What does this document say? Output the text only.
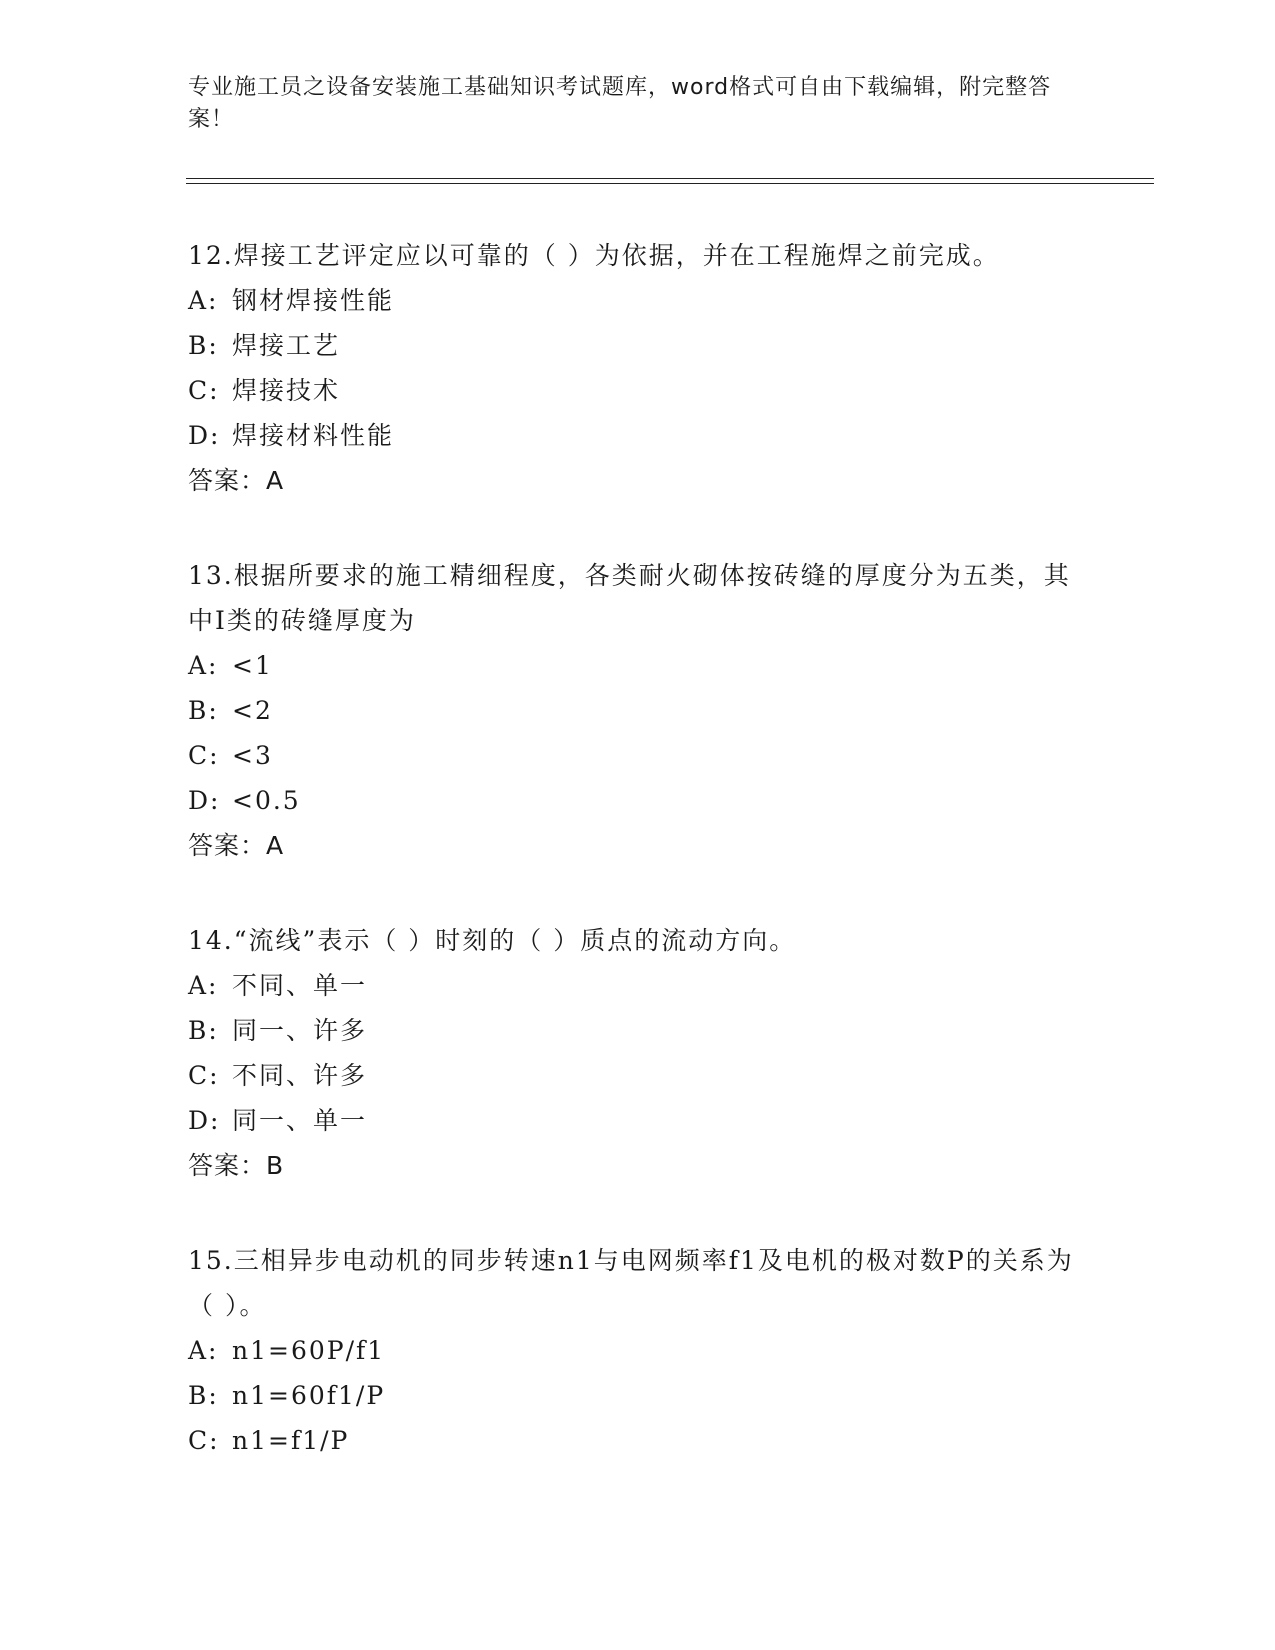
专业施工员之设备安装施工基础知识考试题库，word格式可自由下载编辑，附完整答案！

12.焊接工艺评定应以可靠的（ ）为依据，并在工程施焊之前完成。

A: 钢材焊接性能

B: 焊接工艺

C: 焊接技术

D: 焊接材料性能

答案：A

13.根据所要求的施工精细程度，各类耐火砌体按砖缝的厚度分为五类，其中Ⅰ类的砖缝厚度为

A: <1

B: <2

C: <3

D: <0.5

答案：A

14.“流线”表示（ ）时刻的（ ）质点的流动方向。

A: 不同、单一

B: 同一、许多

C: 不同、许多

D: 同一、单一

答案：B

15.三相异步电动机的同步转速n1与电网频率f1及电机的极对数P的关系为（ ）。

A: n1=60P/f1

B: n1=60f1/P

C: n1=f1/P
